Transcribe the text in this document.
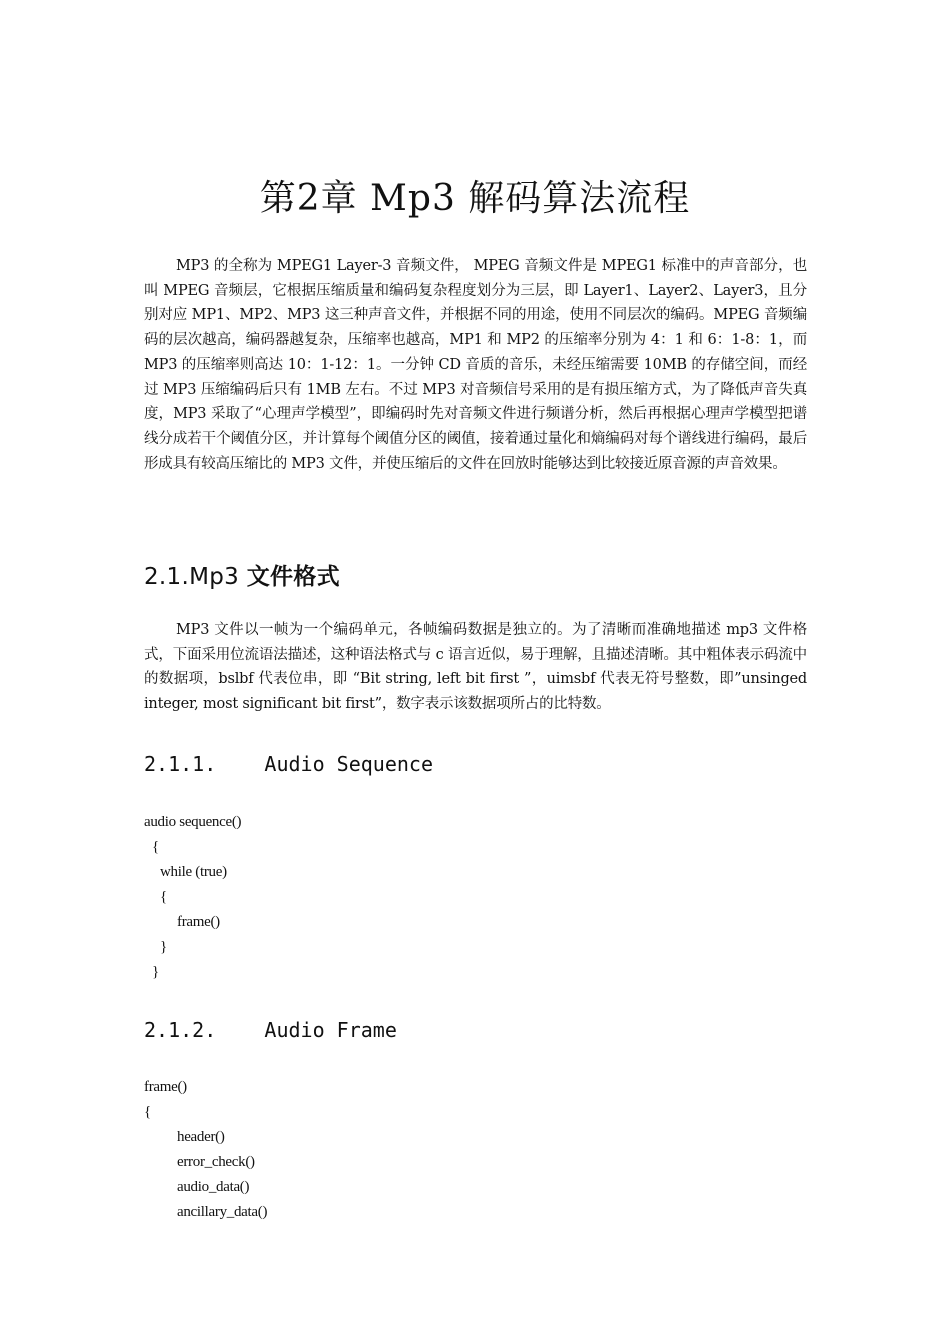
第2章 Mp3 解码算法流程

MP3 的全称为 MPEG1 Layer-3 音频文件， MPEG 音频文件是 MPEG1 标准中的声音部分，也叫 MPEG 音频层，它根据压缩质量和编码复杂程度划分为三层，即 Layer1、Layer2、Layer3，且分别对应 MP1、MP2、MP3 这三种声音文件，并根据不同的用途，使用不同层次的编码。MPEG 音频编码的层次越高，编码器越复杂，压缩率也越高，MP1 和 MP2 的压缩率分别为 4：1 和 6：1-8：1，而 MP3 的压缩率则高达 10：1-12：1。一分钟 CD 音质的音乐，未经压缩需要 10MB 的存储空间，而经过 MP3 压缩编码后只有 1MB 左右。不过 MP3 对音频信号采用的是有损压缩方式，为了降低声音失真度，MP3 采取了“心理声学模型”，即编码时先对音频文件进行频谱分析，然后再根据心理声学模型把谱线分成若干个阈值分区，并计算每个阈值分区的阈值，接着通过量化和熵编码对每个谱线进行编码，最后形成具有较高压缩比的 MP3 文件，并使压缩后的文件在回放时能够达到比较接近原音源的声音效果。

2.1.Mp3 文件格式

MP3 文件以一帧为一个编码单元，各帧编码数据是独立的。为了清晰而准确地描述 mp3 文件格式，下面采用位流语法描述，这种语法格式与 c 语言近似，易于理解，且描述清晰。其中粗体表示码流中的数据项，bslbf 代表位串，即 “Bit string, left bit first ”，uimsbf 代表无符号整数，即”unsinged integer, most significant bit first”，数字表示该数据项所占的比特数。

2.1.1.    Audio Sequence
audio sequence()
{
while (true)
{
frame()
}
}
2.1.2.    Audio Frame
frame()
{
header()
error_check()
audio_data()
ancillary_data()
